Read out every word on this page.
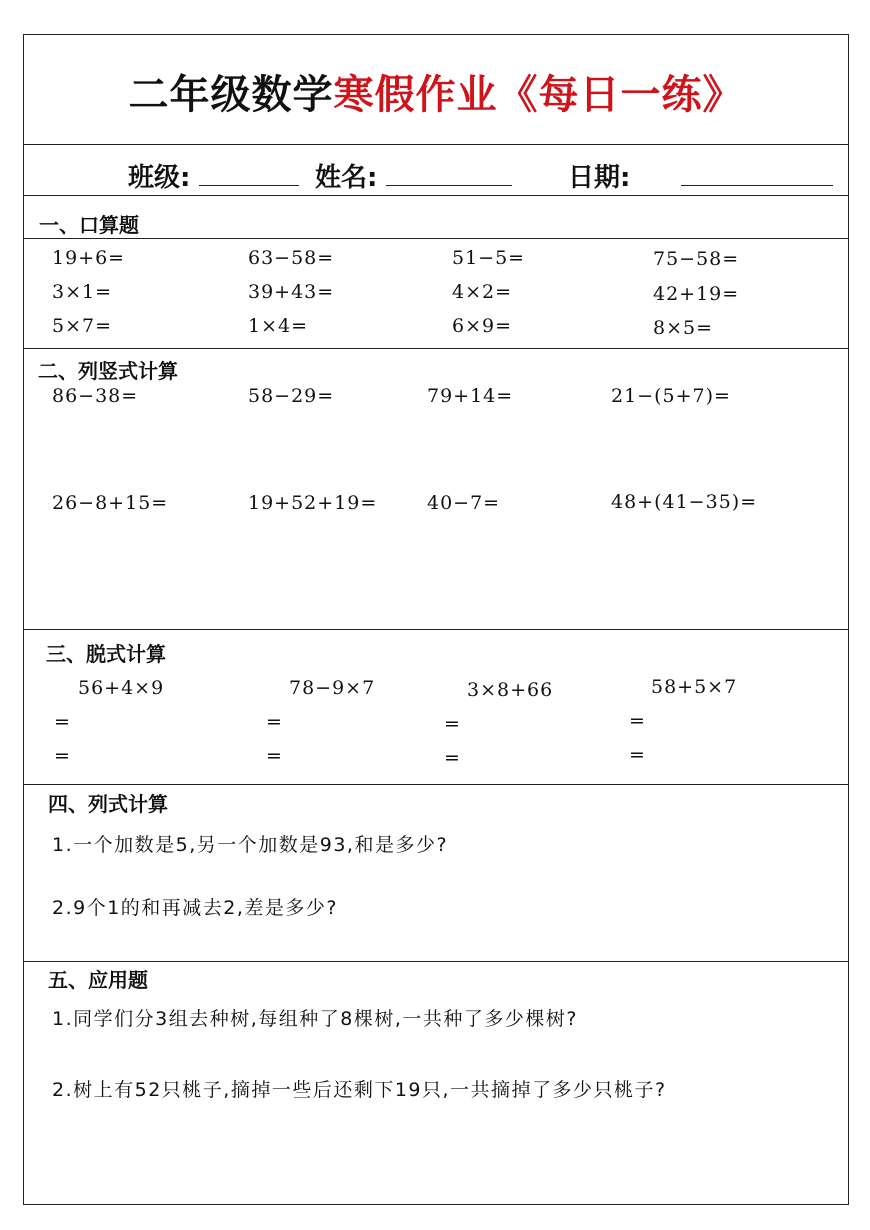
二年级数学寒假作业《每日一练》
班级:	姓名:	日期:
一、口算题
19+6=	63−58=	51−5=	75−58=
3×1=	39+43=	4×2=	42+19=
5×7=	1×4=	6×9=	8×5=
二、列竖式计算
86−38=	58−29=	79+14=	21−(5+7)=
26−8+15=	19+52+19=	40−7=	48+(41−35)=
三、脱式计算
56+4×9	78−9×7	3×8+66	58+5×7
=	=	=	=
=	=	=	=
四、列式计算
1.一个加数是5,另一个加数是93,和是多少?
2.9个1的和再减去2,差是多少?
五、应用题
1.同学们分3组去种树,每组种了8棵树,一共种了多少棵树?
2.树上有52只桃子,摘掉一些后还剩下19只,一共摘掉了多少只桃子?
